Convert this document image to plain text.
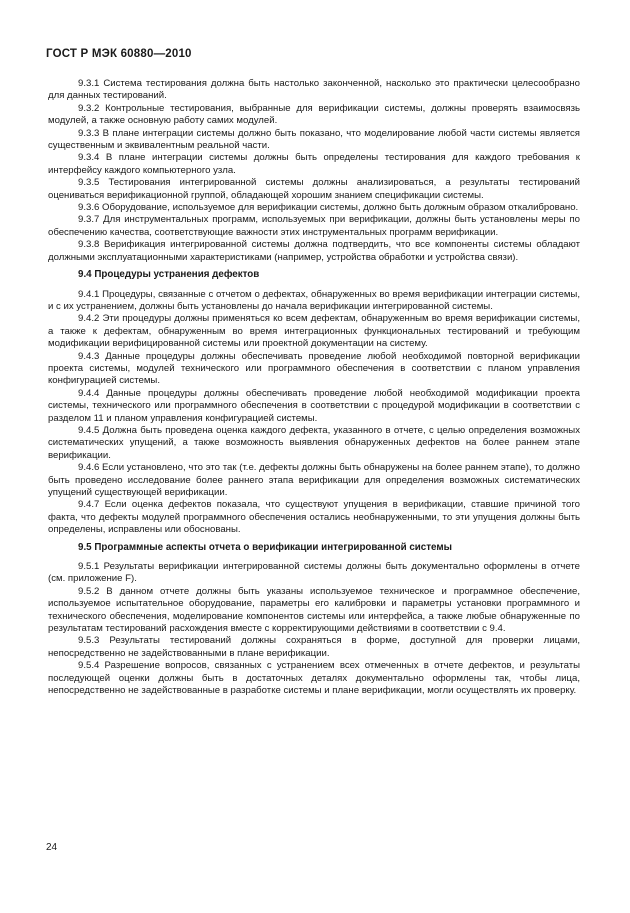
ГОСТ Р МЭК 60880—2010

9.3.1 Система тестирования должна быть настолько законченной, насколько это практически целесообразно для данных тестирований.

9.3.2 Контрольные тестирования, выбранные для верификации системы, должны проверять взаимосвязь модулей, а также основную работу самих модулей.

9.3.3 В плане интеграции системы должно быть показано, что моделирование любой части системы является существенным и эквивалентным реальной части.

9.3.4 В плане интеграции системы должны быть определены тестирования для каждого требования к интерфейсу каждого компьютерного узла.

9.3.5 Тестирования интегрированной системы должны анализироваться, а результаты тестирований оцениваться верификационной группой, обладающей хорошим знанием спецификации системы.

9.3.6 Оборудование, используемое для верификации системы, должно быть должным образом откалибровано.

9.3.7 Для инструментальных программ, используемых при верификации, должны быть установлены меры по обеспечению качества, соответствующие важности этих инструментальных программ верификации.

9.3.8 Верификация интегрированной системы должна подтвердить, что все компоненты системы обладают должными эксплуатационными характеристиками (например, устройства обработки и устройства связи).

9.4 Процедуры устранения дефектов

9.4.1 Процедуры, связанные с отчетом о дефектах, обнаруженных во время верификации интеграции системы, и с их устранением, должны быть установлены до начала верификации интегрированной системы.

9.4.2 Эти процедуры должны применяться ко всем дефектам, обнаруженным во время верификации системы, а также к дефектам, обнаруженным во время интеграционных функциональных тестирований и требующим модификации верифицированной системы или проектной документации на систему.

9.4.3 Данные процедуры должны обеспечивать проведение любой необходимой повторной верификации проекта системы, модулей технического или программного обеспечения в соответствии с планом управления конфигурацией системы.

9.4.4 Данные процедуры должны обеспечивать проведение любой необходимой модификации проекта системы, технического или программного обеспечения в соответствии с процедурой модификации в соответствии с разделом 11 и планом управления конфигурацией системы.

9.4.5 Должна быть проведена оценка каждого дефекта, указанного в отчете, с целью определения возможных систематических упущений, а также возможность выявления обнаруженных дефектов на более раннем этапе верификации.

9.4.6 Если установлено, что это так (т.е. дефекты должны быть обнаружены на более раннем этапе), то должно быть проведено исследование более раннего этапа верификации для определения возможных систематических упущений существующей верификации.

9.4.7 Если оценка дефектов показала, что существуют упущения в верификации, ставшие причиной того факта, что дефекты модулей программного обеспечения остались необнаруженными, то эти упущения должны быть определены, исправлены или обоснованы.

9.5 Программные аспекты отчета о верификации интегрированной системы

9.5.1 Результаты верификации интегрированной системы должны быть документально оформлены в отчете (см. приложение F).

9.5.2 В данном отчете должны быть указаны используемое техническое и программное обеспечение, используемое испытательное оборудование, параметры его калибровки и параметры установки программного и технического обеспечения, моделирование компонентов системы или интерфейса, а также любые обнаруженные по результатам тестирований расхождения вместе с корректирующими действиями в соответствии с 9.4.

9.5.3 Результаты тестирований должны сохраняться в форме, доступной для проверки лицами, непосредственно не задействованными в плане верификации.

9.5.4 Разрешение вопросов, связанных с устранением всех отмеченных в отчете дефектов, и результаты последующей оценки должны быть в достаточных деталях документально оформлены так, чтобы лица, непосредственно не задействованные в разработке системы и плане верификации, могли осуществлять их проверку.

24
